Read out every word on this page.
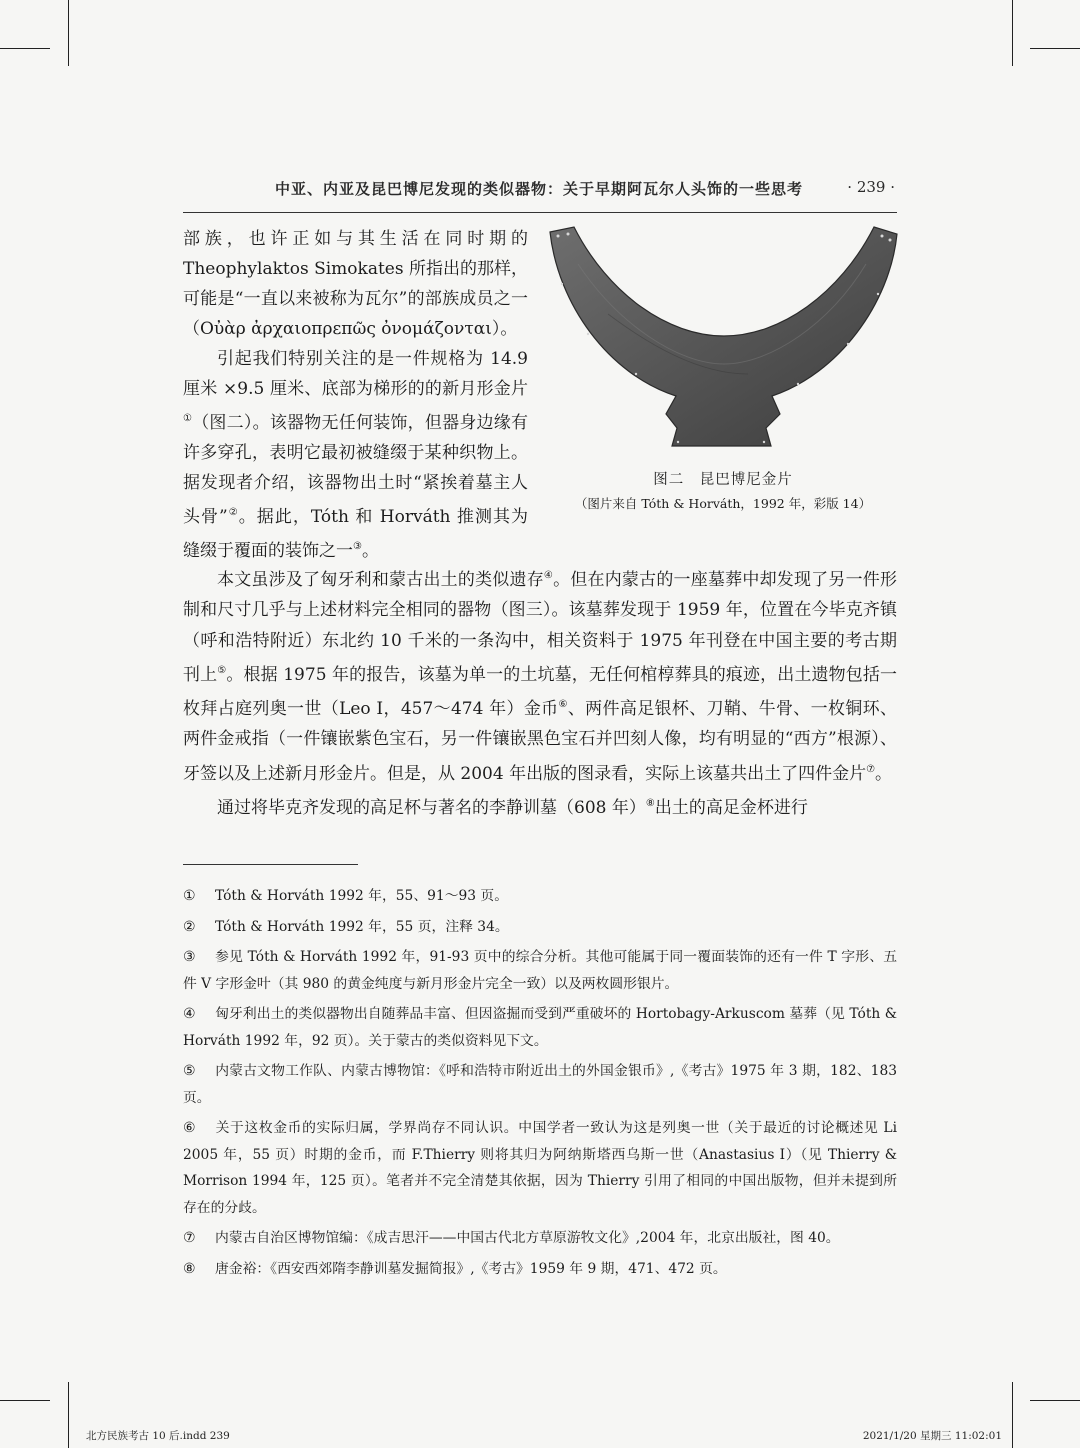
中亚、内亚及昆巴博尼发现的类似器物：关于早期阿瓦尔人头饰的一些思考	· 239 ·

部族，也许正如与其生活在同时期的 Theophylaktos Simokates 所指出的那样，可能是“一直以来被称为瓦尔”的部族成员之一（Οὐὰρ ἀρχαιοπρεπῶς ὀνομάζονται）。

引起我们特别关注的是一件规格为 14.9 厘米 ×9.5 厘米、底部为梯形的的新月形金片①（图二）。该器物无任何装饰，但器身边缘有许多穿孔，表明它最初被缝缀于某种织物上。据发现者介绍，该器物出土时“紧挨着墓主人头骨”②。据此，Tóth 和 Horváth 推测其为缝缀于覆面的装饰之一③。

图二　昆巴博尼金片
（图片来自 Tóth & Horváth，1992 年，彩版 14）

本文虽涉及了匈牙利和蒙古出土的类似遗存④。但在内蒙古的一座墓葬中却发现了另一件形制和尺寸几乎与上述材料完全相同的器物（图三）。该墓葬发现于 1959 年，位置在今毕克齐镇（呼和浩特附近）东北约 10 千米的一条沟中，相关资料于 1975 年刊登在中国主要的考古期刊上⑤。根据 1975 年的报告，该墓为单一的土坑墓，无任何棺椁葬具的痕迹，出土遗物包括一枚拜占庭列奥一世（Leo I，457～474 年）金币⑥、两件高足银杯、刀鞘、牛骨、一枚铜环、两件金戒指（一件镶嵌紫色宝石，另一件镶嵌黑色宝石并凹刻人像，均有明显的“西方”根源）、牙签以及上述新月形金片。但是，从 2004 年出版的图录看，实际上该墓共出土了四件金片⑦。

通过将毕克齐发现的高足杯与著名的李静训墓（608 年）⑧出土的高足金杯进行

① Tóth & Horváth 1992 年，55、91～93 页。

② Tóth & Horváth 1992 年，55 页，注释 34。

③ 参见 Tóth & Horváth 1992 年，91-93 页中的综合分析。其他可能属于同一覆面装饰的还有一件 T 字形、五件 V 字形金叶（其 980 的黄金纯度与新月形金片完全一致）以及两枚圆形银片。

④ 匈牙利出土的类似器物出自随葬品丰富、但因盗掘而受到严重破坏的 Hortobagy-Arkuscom 墓葬（见 Tóth & Horváth 1992 年，92 页）。关于蒙古的类似资料见下文。

⑤ 内蒙古文物工作队、内蒙古博物馆：《呼和浩特市附近出土的外国金银币》,《考古》1975 年 3 期，182、183 页。

⑥ 关于这枚金币的实际归属，学界尚存不同认识。中国学者一致认为这是列奥一世（关于最近的讨论概述见 Li 2005 年，55 页）时期的金币，而 F.Thierry 则将其归为阿纳斯塔西乌斯一世（Anastasius I）（见 Thierry & Morrison 1994 年，125 页）。笔者并不完全清楚其依据，因为 Thierry 引用了相同的中国出版物，但并未提到所存在的分歧。

⑦ 内蒙古自治区博物馆编：《成吉思汗——中国古代北方草原游牧文化》,2004 年，北京出版社，图 40。

⑧ 唐金裕：《西安西郊隋李静训墓发掘简报》,《考古》1959 年 9 期，471、472 页。

北方民族考古 10 后.indd 239	2021/1/20 星期三 11:02:01
